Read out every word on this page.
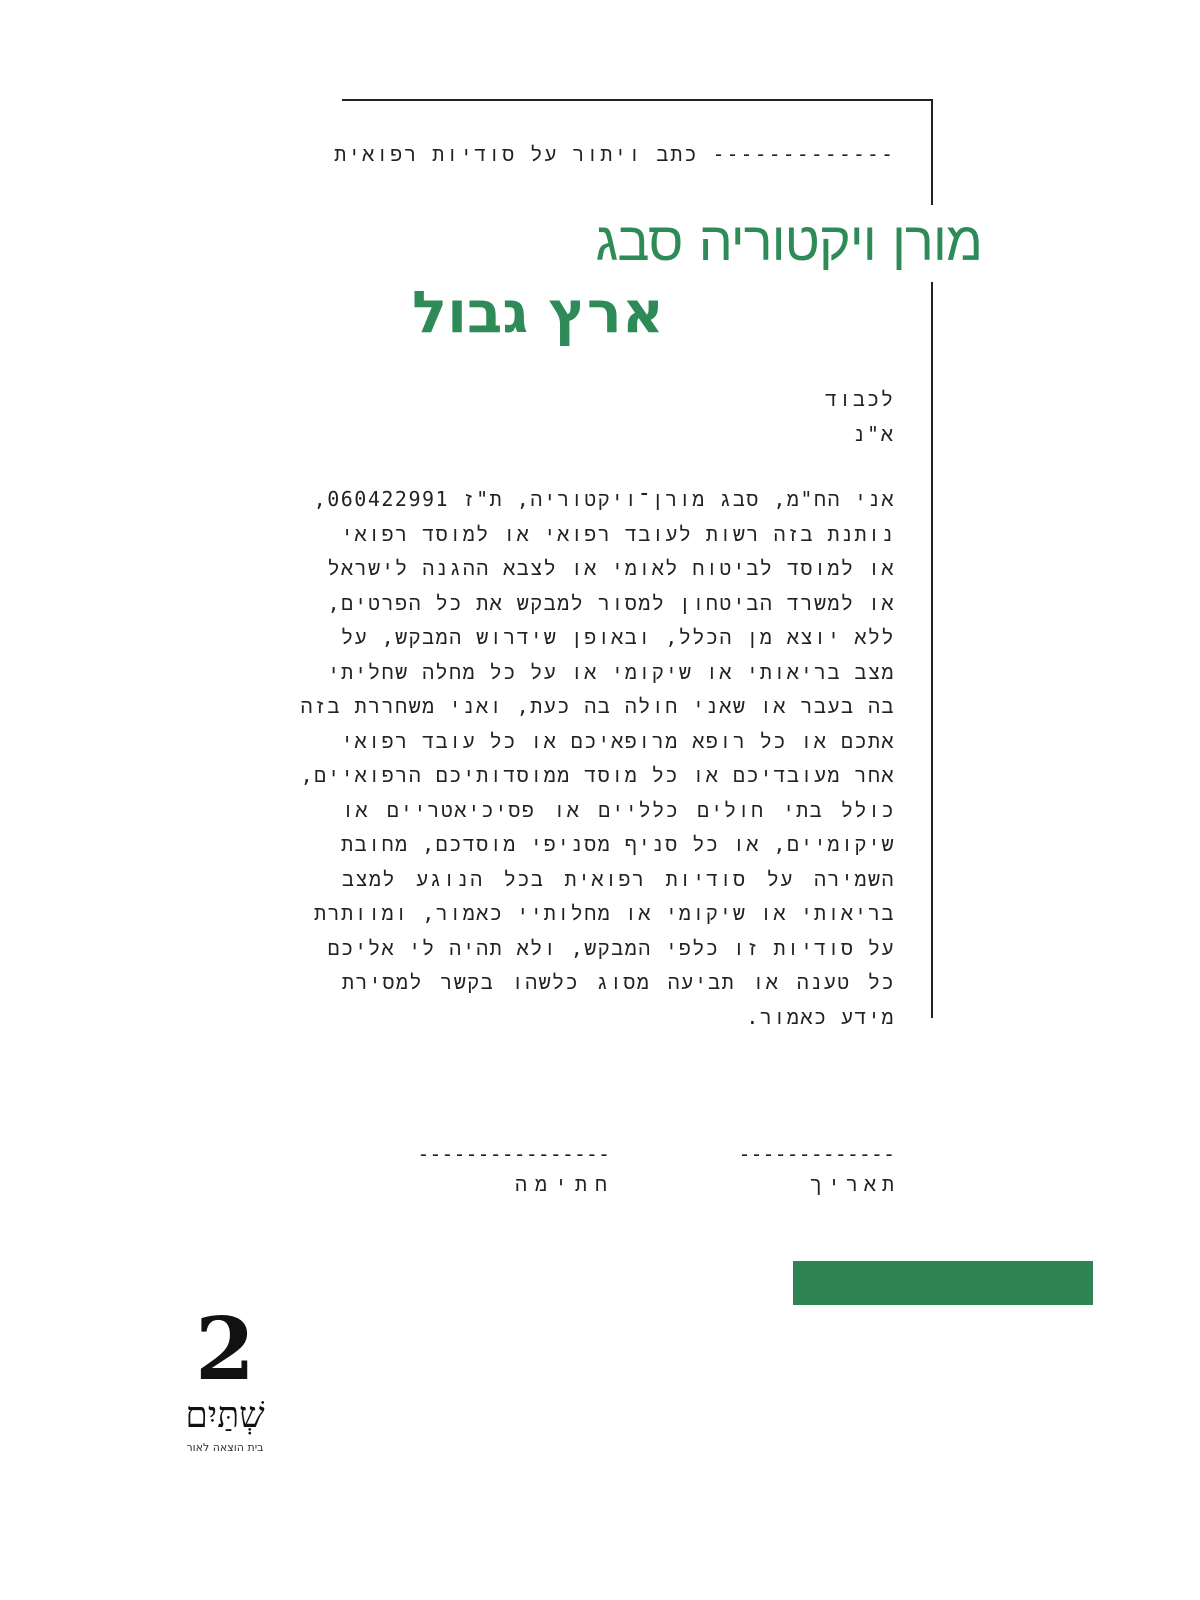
------------- כתב ויתור על סודיות רפואית
מורן ויקטוריה סבג
ארץ גבול
לכבוד
א"נ
אני הח"מ, סבג מורן־ויקטוריה, ת"ז 060422991,
נותנת בזה רשות לעובד רפואי או למוסד רפואי
או למוסד לביטוח לאומי או לצבא ההגנה לישראל
או למשרד הביטחון למסור למבקש את כל הפרטים,
ללא יוצא מן הכלל, ובאופן שידרוש המבקש, על
מצב בריאותי או שיקומי או על כל מחלה שחליתי
בה בעבר או שאני חולה בה כעת, ואני משחררת בזה
אתכם או כל רופא מרופאיכם או כל עובד רפואי
אחר מעובדיכם או כל מוסד ממוסדותיכם הרפואיים,
כולל בתי חולים כלליים או פסיכיאטריים או
שיקומיים, או כל סניף מסניפי מוסדכם, מחובת
השמירה על סודיות רפואית בכל הנוגע למצב
בריאותי או שיקומי או מחלותיי כאמור, ומוותרת
על סודיות זו כלפי המבקש, ולא תהיה לי אליכם
כל טענה או תביעה מסוג כלשהו בקשר למסירת
מידע כאמור.
-------------
תאריך
----------------
חתימה
2
שְׁתַּיִם
בית הוצאה לאור
